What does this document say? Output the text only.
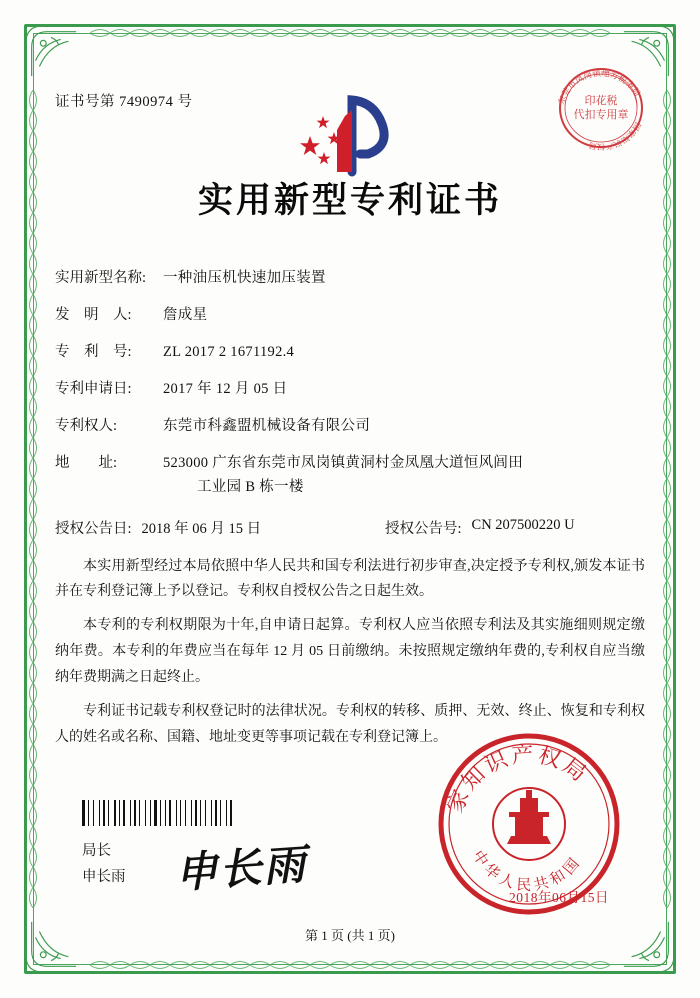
印花税
代扣专用章
东莞市凤岗镇地方税务局
国家知识产权局
证书号第 7490974 号
实用新型专利证书
实用新型名称:	一种油压机快速加压装置
发　明　人:	詹成星
专　利　号:	ZL 2017 2 1671192.4
专利申请日:	2017 年 12 月 05 日
专利权人:	东莞市科鑫盟机械设备有限公司
地　　址:	523000 广东省东莞市凤岗镇黄洞村金凤凰大道恒风闾田
工业园 B 栋一楼
授权公告日: 2018 年 06 月 15 日	授权公告号: CN 207500220 U

本实用新型经过本局依照中华人民共和国专利法进行初步审查,决定授予专利权,颁发本证书并在专利登记簿上予以登记。专利权自授权公告之日起生效。

本专利的专利权期限为十年,自申请日起算。专利权人应当依照专利法及其实施细则规定缴纳年费。本专利的年费应当在每年 12 月 05 日前缴纳。未按照规定缴纳年费的,专利权自应当缴纳年费期满之日起终止。

专利证书记载专利权登记时的法律状况。专利权的转移、质押、无效、终止、恢复和专利权人的姓名或名称、国籍、地址变更等事项记载在专利登记簿上。

局长
申长雨 申长雨
家知识产权局
中华人民共和国
2018年06月15日
第 1 页 (共 1 页)
